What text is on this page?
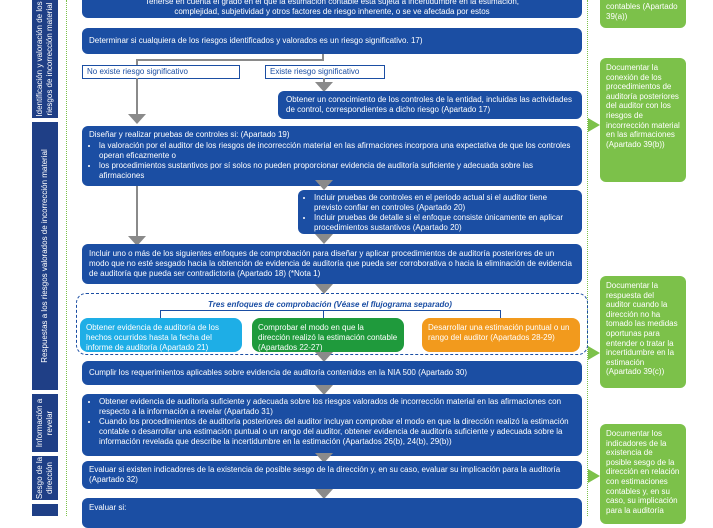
Identificación y valoración de los riesgos de incorrección material
Respuestas a los riesgos valorados de incorrección material
Información a revelar
Sesgo de la dirección
Tenerse en cuenta el grado en el que la estimación contable está sujeta a incertidumbre en la estimación,
complejidad, subjetividad y otros factores de riesgo inherente, o se ve afectada por estos
Determinar si cualquiera de los riesgos identificados y valorados es un riesgo significativo. 17)
No existe riesgo significativo	Existe riesgo significativo
Obtener un conocimiento de los controles de la entidad, incluidas las actividades de control, correspondientes a dicho riesgo (Apartado 17)
Diseñar y realizar pruebas de controles si: (Apartado 19)
• la valoración por el auditor de los riesgos de incorrección material en las afirmaciones incorpora una expectativa de que los controles operan eficazmente o
• los procedimientos sustantivos por sí solos no pueden proporcionar evidencia de auditoría suficiente y adecuada sobre las afirmaciones
• Incluir pruebas de controles en el periodo actual si el auditor tiene previsto confiar en controles (Apartado 20)
• Incluir pruebas de detalle si el enfoque consiste únicamente en aplicar procedimientos sustantivos (Apartado 20)
Incluir uno o más de los siguientes enfoques de comprobación para diseñar y aplicar procedimientos de auditoría posteriores de un modo que no esté sesgado hacia la obtención de evidencia de auditoría que pueda ser corroborativa o hacia la eliminación de evidencia de auditoría que pueda ser contradictoria (Apartado 18) (*Nota 1)
Tres enfoques de comprobación (Véase el flujograma separado)
Obtener evidencia de auditoría de los hechos ocurridos hasta la fecha del informe de auditoría (Apartado 21)
Comprobar el modo en que la dirección realizó la estimación contable (Apartados 22-27)
Desarrollar una estimación puntual o un rango del auditor (Apartados 28-29)
Cumplir los requerimientos aplicables sobre evidencia de auditoría contenidos en la NIA 500 (Apartado 30)
• Obtener evidencia de auditoría suficiente y adecuada sobre los riesgos valorados de incorrección material en las afirmaciones con respecto a la información a revelar (Apartado 31)
• Cuando los procedimientos de auditoría posteriores del auditor incluyan comprobar el modo en que la dirección realizó la estimación contable o desarrollar una estimación puntual o un rango del auditor, obtener evidencia de auditoría suficiente y adecuada sobre la información revelada que describe la incertidumbre en la estimación (Apartados 26(b), 24(b), 29(b))
Evaluar si existen indicadores de la existencia de posible sesgo de la dirección y, en su caso, evaluar su implicación para la auditoría (Apartado 32)
Evaluar si:
contables (Apartado 39(a))
Documentar la conexión de los procedimientos de auditoría posteriores del auditor con los riesgos de incorrección material en las afirmaciones (Apartado 39(b))
Documentar la respuesta del auditor cuando la dirección no ha tomado las medidas oportunas para entender o tratar la incertidumbre en la estimación (Apartado 39(c))
Documentar los indicadores de la existencia de posible sesgo de la dirección en relación con estimaciones contables y, en su caso, su implicación para la auditoría
